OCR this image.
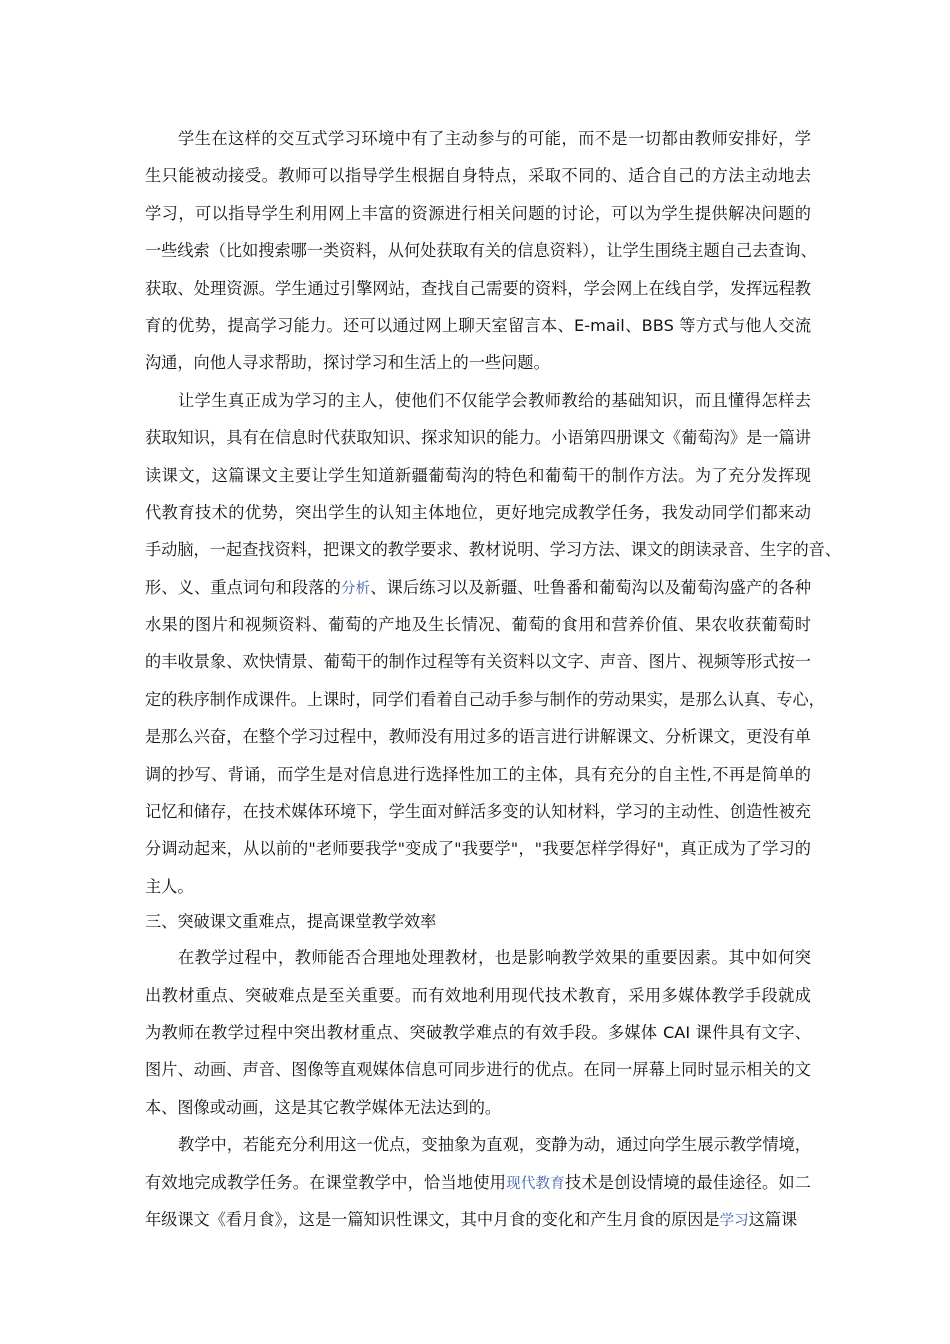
学生在这样的交互式学习环境中有了主动参与的可能，而不是一切都由教师安排好，学
生只能被动接受。教师可以指导学生根据自身特点，采取不同的、适合自己的方法主动地去
学习，可以指导学生利用网上丰富的资源进行相关问题的讨论，可以为学生提供解决问题的
一些线索（比如搜索哪一类资料，从何处获取有关的信息资料），让学生围绕主题自己去查询、
获取、处理资源。学生通过引擎网站，查找自己需要的资料，学会网上在线自学，发挥远程教
育的优势，提高学习能力。还可以通过网上聊天室留言本、E-mail、BBS 等方式与他人交流
沟通，向他人寻求帮助，探讨学习和生活上的一些问题。
让学生真正成为学习的主人，使他们不仅能学会教师教给的基础知识，而且懂得怎样去
获取知识，具有在信息时代获取知识、探求知识的能力。小语第四册课文《葡萄沟》是一篇讲
读课文，这篇课文主要让学生知道新疆葡萄沟的特色和葡萄干的制作方法。为了充分发挥现
代教育技术的优势，突出学生的认知主体地位，更好地完成教学任务，我发动同学们都来动
手动脑，一起查找资料，把课文的教学要求、教材说明、学习方法、课文的朗读录音、生字的音、
形、义、重点词句和段落的分析、课后练习以及新疆、吐鲁番和葡萄沟以及葡萄沟盛产的各种
水果的图片和视频资料、葡萄的产地及生长情况、葡萄的食用和营养价值、果农收获葡萄时
的丰收景象、欢快情景、葡萄干的制作过程等有关资料以文字、声音、图片、视频等形式按一
定的秩序制作成课件。上课时，同学们看着自己动手参与制作的劳动果实，是那么认真、专心，
是那么兴奋，在整个学习过程中，教师没有用过多的语言进行讲解课文、分析课文，更没有单
调的抄写、背诵，而学生是对信息进行选择性加工的主体，具有充分的自主性,不再是简单的
记忆和储存，在技术媒体环境下，学生面对鲜活多变的认知材料，学习的主动性、创造性被充
分调动起来，从以前的"老师要我学"变成了"我要学"，"我要怎样学得好"，真正成为了学习的
主人。
三、突破课文重难点，提高课堂教学效率
在教学过程中，教师能否合理地处理教材，也是影响教学效果的重要因素。其中如何突
出教材重点、突破难点是至关重要。而有效地利用现代技术教育，采用多媒体教学手段就成
为教师在教学过程中突出教材重点、突破教学难点的有效手段。多媒体 CAI 课件具有文字、
图片、动画、声音、图像等直观媒体信息可同步进行的优点。在同一屏幕上同时显示相关的文
本、图像或动画，这是其它教学媒体无法达到的。
教学中，若能充分利用这一优点，变抽象为直观，变静为动，通过向学生展示教学情境，
有效地完成教学任务。在课堂教学中，恰当地使用现代教育技术是创设情境的最佳途径。如二
年级课文《看月食》，这是一篇知识性课文，其中月食的变化和产生月食的原因是学习这篇课
